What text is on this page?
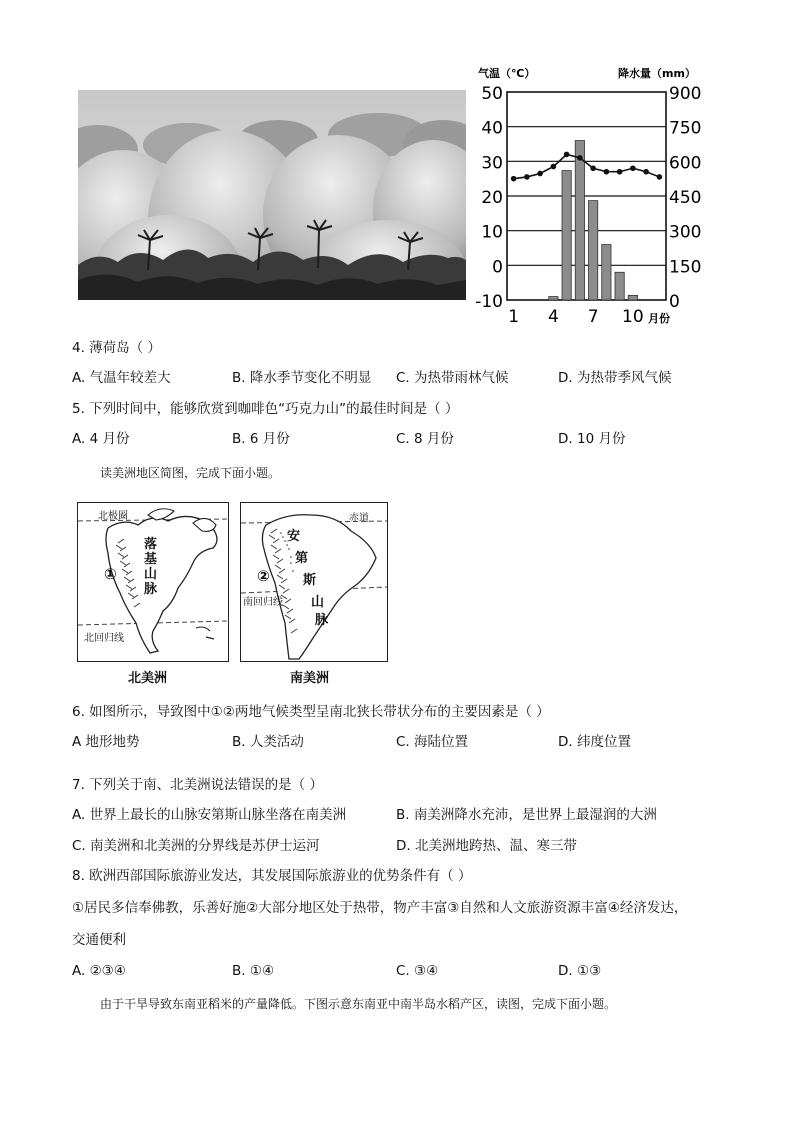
气温（℃）	降水量（mm）
50
40
30
20
10
0
-10
900
750
600
450
300
150
0
1 4 7 10 月份
4. 薄荷岛（ ）
A. 气温年较差大	B. 降水季节变化不明显 C. 为热带雨林气候	D. 为热带季风气候
5. 下列时间中，能够欣赏到咖啡色“巧克力山”的最佳时间是（ ）
A. 4 月份	B. 6 月份	C. 8 月份	D. 10 月份
读美洲地区简图，完成下面小题。
北极圈
北回归线
①
落
基
山
脉
北美洲
赤道
南回归线
②
安
第
斯
山
脉
南美洲
6. 如图所示，导致图中①②两地气候类型呈南北狭长带状分布的主要因素是（ ）
A 地形地势	B. 人类活动	C. 海陆位置	D. 纬度位置
7. 下列关于南、北美洲说法错误的是（ ）
A. 世界上最长的山脉安第斯山脉坐落在南美洲	B. 南美洲降水充沛，是世界上最湿润的大洲
C. 南美洲和北美洲的分界线是苏伊士运河	D. 北美洲地跨热、温、寒三带
8. 欧洲西部国际旅游业发达，其发展国际旅游业的优势条件有（ ）
①居民多信奉佛教，乐善好施②大部分地区处于热带，物产丰富③自然和人文旅游资源丰富④经济发达，
交通便利
A. ②③④	B. ①④	C. ③④	D. ①③
由于干旱导致东南亚稻米的产量降低。下图示意东南亚中南半岛水稻产区，读图，完成下面小题。
